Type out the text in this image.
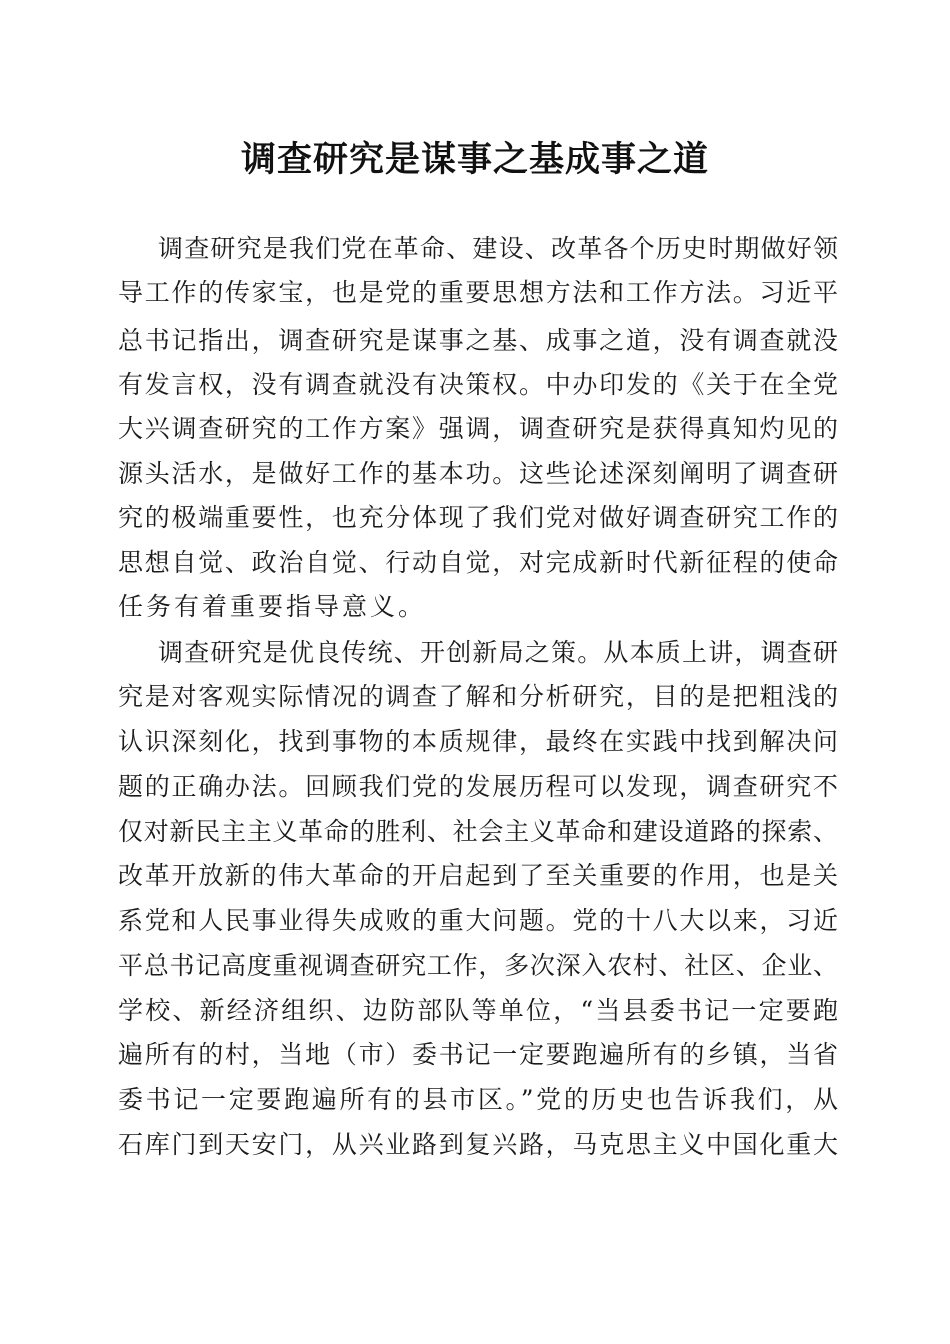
调查研究是谋事之基成事之道
调查研究是我们党在革命、建设、改革各个历史时期做好领
导工作的传家宝，也是党的重要思想方法和工作方法。习近平
总书记指出，调查研究是谋事之基、成事之道，没有调查就没
有发言权，没有调查就没有决策权。中办印发的《关于在全党
大兴调查研究的工作方案》强调，调查研究是获得真知灼见的
源头活水，是做好工作的基本功。这些论述深刻阐明了调查研
究的极端重要性，也充分体现了我们党对做好调查研究工作的
思想自觉、政治自觉、行动自觉，对完成新时代新征程的使命
任务有着重要指导意义。
调查研究是优良传统、开创新局之策。从本质上讲，调查研
究是对客观实际情况的调查了解和分析研究，目的是把粗浅的
认识深刻化，找到事物的本质规律，最终在实践中找到解决问
题的正确办法。回顾我们党的发展历程可以发现，调查研究不
仅对新民主主义革命的胜利、社会主义革命和建设道路的探索、
改革开放新的伟大革命的开启起到了至关重要的作用，也是关
系党和人民事业得失成败的重大问题。党的十八大以来，习近
平总书记高度重视调查研究工作，多次深入农村、社区、企业、
学校、新经济组织、边防部队等单位，“当县委书记一定要跑
遍所有的村，当地（市）委书记一定要跑遍所有的乡镇，当省
委书记一定要跑遍所有的县市区。”党的历史也告诉我们，从
石库门到天安门，从兴业路到复兴路，马克思主义中国化重大
